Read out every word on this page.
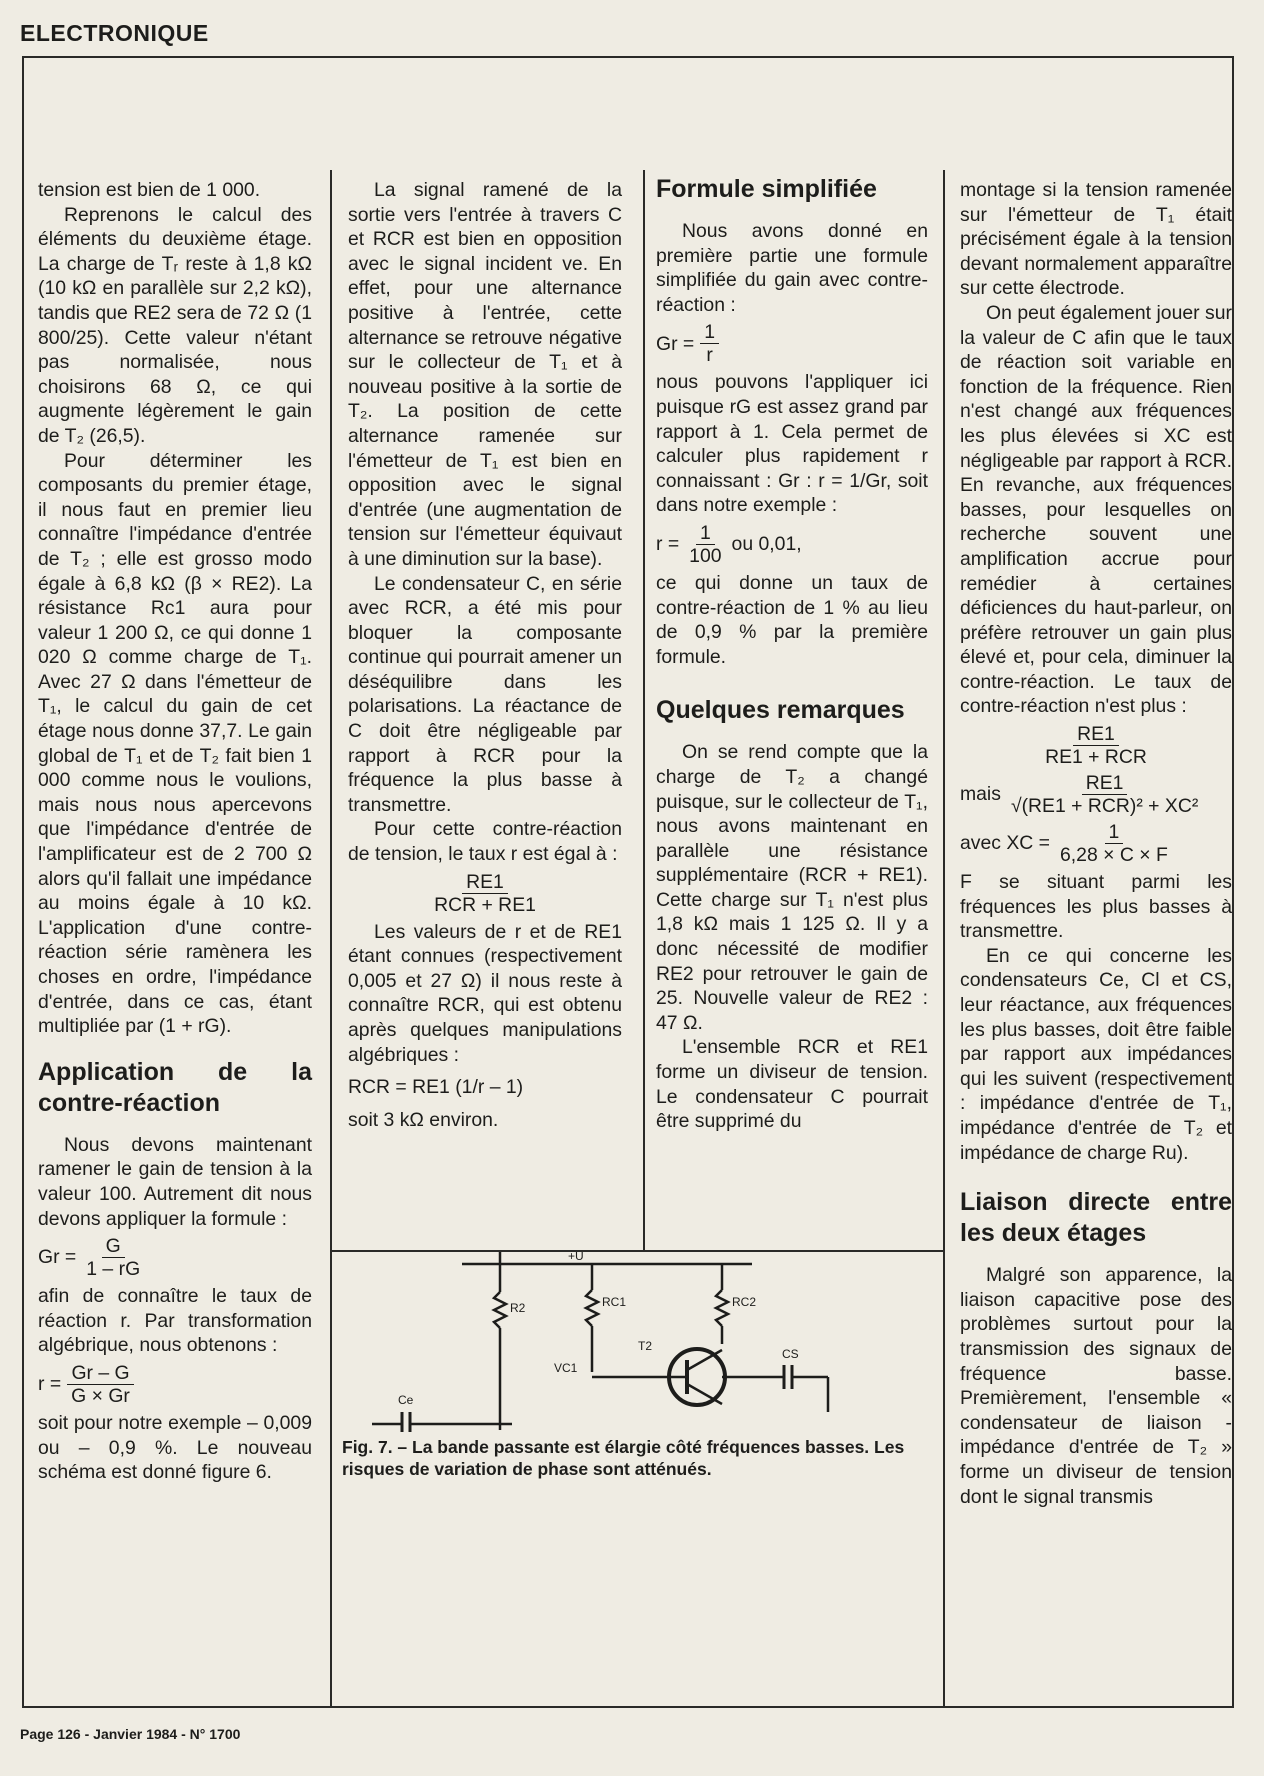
ELECTRONIQUE

tension est bien de 1 000.

Reprenons le calcul des éléments du deuxième étage. La charge de Tᵣ reste à 1,8 kΩ (10 kΩ en parallèle sur 2,2 kΩ), tandis que RE2 sera de 72 Ω (1 800/25). Cette valeur n'étant pas normalisée, nous choisirons 68 Ω, ce qui augmente légèrement le gain de T₂ (26,5).

Pour déterminer les composants du premier étage, il nous faut en premier lieu connaître l'impédance d'entrée de T₂ ; elle est grosso modo égale à 6,8 kΩ (β × RE2). La résistance Rc1 aura pour valeur 1 200 Ω, ce qui donne 1 020 Ω comme charge de T₁. Avec 27 Ω dans l'émetteur de T₁, le calcul du gain de cet étage nous donne 37,7. Le gain global de T₁ et de T₂ fait bien 1 000 comme nous le voulions, mais nous nous apercevons que l'impédance d'entrée de l'amplificateur est de 2 700 Ω alors qu'il fallait une impédance au moins égale à 10 kΩ. L'application d'une contre-réaction série ramènera les choses en ordre, l'impédance d'entrée, dans ce cas, étant multipliée par (1 + rG).

Application de la contre-réaction

Nous devons maintenant ramener le gain de tension à la valeur 100. Autrement dit nous devons appliquer la formule :

$Gr = \frac{G}{1 - rG}$

afin de connaître le taux de réaction r. Par transformation algébrique, nous obtenons :

$r = \frac{Gr - G}{G \times Gr}$

soit pour notre exemple – 0,009 ou – 0,9 %. Le nouveau schéma est donné figure 6.

La signal ramené de la sortie vers l'entrée à travers C et RCR est bien en opposition avec le signal incident ve. En effet, pour une alternance positive à l'entrée, cette alternance se retrouve négative sur le collecteur de T₁ et à nouveau positive à la sortie de T₂. La position de cette alternance ramenée sur l'émetteur de T₁ est bien en opposition avec le signal d'entrée (une augmentation de tension sur l'émetteur équivaut à une diminution sur la base).

Le condensateur C, en série avec RCR, a été mis pour bloquer la composante continue qui pourrait amener un déséquilibre dans les polarisations. La réactance de C doit être négligeable par rapport à RCR pour la fréquence la plus basse à transmettre.

Pour cette contre-réaction de tension, le taux r est égal à :

$\frac{RE1}{\text{RCR + RE1}}$

Les valeurs de r et de RE1 étant connues (respectivement 0,005 et 27 Ω) il nous reste à connaître RCR, qui est obtenu après quelques manipulations algébriques :

RCR = RE1 (1/r – 1)

soit 3 kΩ environ.

Formule simplifiée

Nous avons donné en première partie une formule simplifiée du gain avec contre-réaction :

$Gr = \frac{1}{r}$

nous pouvons l'appliquer ici puisque rG est assez grand par rapport à 1. Cela permet de calculer plus rapidement r connaissant : Gr : r = 1/Gr, soit dans notre exemple :

$r = \frac{1}{100}$ ou 0,01,

ce qui donne un taux de contre-réaction de 1 % au lieu de 0,9 % par la première formule.

Quelques remarques

On se rend compte que la charge de T₂ a changé puisque, sur le collecteur de T₁, nous avons maintenant en parallèle une résistance supplémentaire (RCR + RE1). Cette charge sur T₁ n'est plus 1,8 kΩ mais 1 125 Ω. Il y a donc nécessité de modifier RE2 pour retrouver le gain de 25. Nouvelle valeur de RE2 : 47 Ω.

L'ensemble RCR et RE1 forme un diviseur de tension. Le condensateur C pourrait être supprimé du

montage si la tension ramenée sur l'émetteur de T₁ était précisément égale à la tension devant normalement apparaître sur cette électrode.

On peut également jouer sur la valeur de C afin que le taux de réaction soit variable en fonction de la fréquence. Rien n'est changé aux fréquences les plus élevées si XC est négligeable par rapport à RCR. En revanche, aux fréquences basses, pour lesquelles on recherche souvent une amplification accrue pour remédier à certaines déficiences du haut-parleur, on préfère retrouver un gain plus élevé et, pour cela, diminuer la contre-réaction. Le taux de contre-réaction n'est plus :

$\frac{RE1}{\text{RE1 + RCR}}$
mais $\frac{RE1}{\text{√(RE1 + RCR)² + XC²}}$
avec XC = $\frac{1}{6,28 \times C \times F}$

F se situant parmi les fréquences les plus basses à transmettre.

En ce qui concerne les condensateurs Ce, Cl et CS, leur réactance, aux fréquences les plus basses, doit être faible par rapport aux impédances qui les suivent (respectivement : impédance d'entrée de T₁, impédance d'entrée de T₂ et impédance de charge Ru).

Liaison directe entre les deux étages

Malgré son apparence, la liaison capacitive pose des problèmes surtout pour la transmission des signaux de fréquence basse. Premièrement, l'ensemble « condensateur de liaison - impédance d'entrée de T₂ » forme un diviseur de tension dont le signal transmis

+U
R2	RC1	RC2
T2
CS
VC1
Ce
Fig. 7. – La bande passante est élargie côté fréquences basses. Les risques de variation de phase sont atténués.
Page 126 - Janvier 1984 - N° 1700
